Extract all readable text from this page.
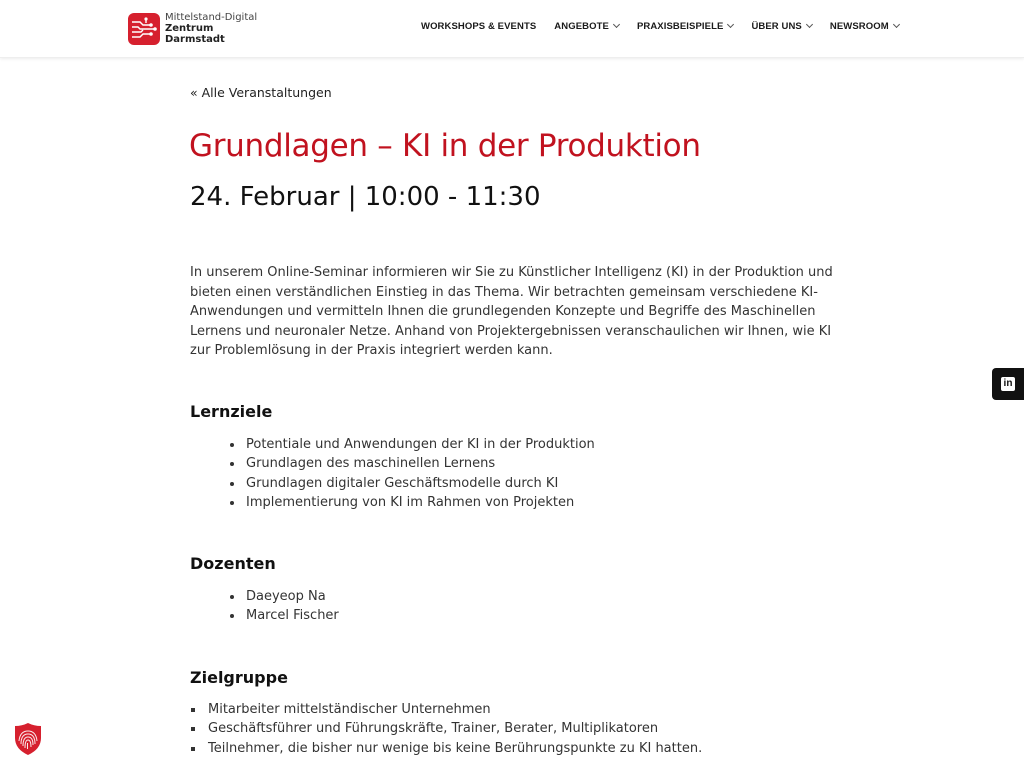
Mittelstand-Digital
Zentrum
Darmstadt
WORKSHOPS & EVENTS ANGEBOTE	PRAXISBEISPIELE	ÜBER UNS	NEWSROOM
« Alle Veranstaltungen
Grundlagen – KI in der Produktion
24. Februar | 10:00 - 11:30

In unserem Online-Seminar informieren wir Sie zu Künstlicher Intelligenz (KI) in der Produktion und bieten einen verständlichen Einstieg in das Thema. Wir betrachten gemeinsam verschiedene KI-Anwendungen und vermitteln Ihnen die grundlegenden Konzepte und Begriffe des Maschinellen Lernens und neuronaler Netze. Anhand von Projektergebnissen veranschaulichen wir Ihnen, wie KI zur Problemlösung in der Praxis integriert werden kann.

Lernziele
Potentiale und Anwendungen der KI in der Produktion
Grundlagen des maschinellen Lernens
Grundlagen digitaler Geschäftsmodelle durch KI
Implementierung von KI im Rahmen von Projekten
Dozenten
Daeyeop Na
Marcel Fischer
Zielgruppe
Mitarbeiter mittelständischer Unternehmen
Geschäftsführer und Führungskräfte, Trainer, Berater, Multiplikatoren
Teilnehmer, die bisher nur wenige bis keine Berührungspunkte zu KI hatten.
in
